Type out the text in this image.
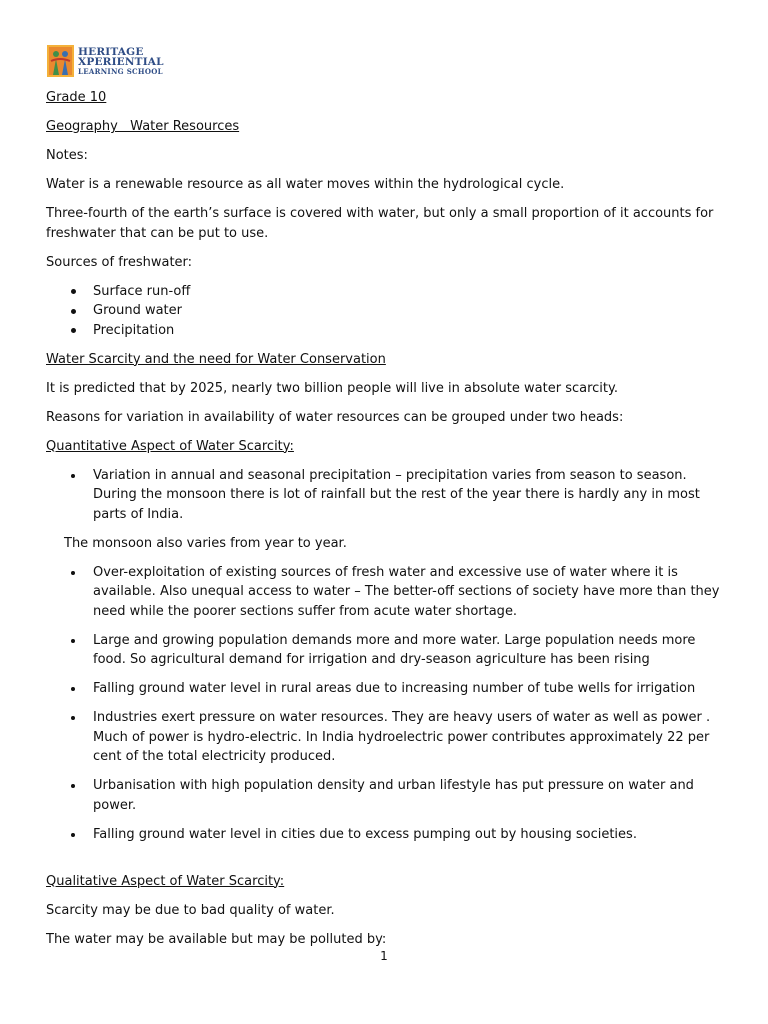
HERITAGE
XPERIENTIAL
LEARNING SCHOOL

Grade 10

Geography   Water Resources

Notes:

Water is a renewable resource as all water moves within the hydrological cycle.

Three-fourth of the earth’s surface is covered with water, but only a small proportion of it accounts for freshwater that can be put to use.

Sources of freshwater:

Surface run-off
Ground water
Precipitation

Water Scarcity and the need for Water Conservation

It is predicted that by 2025, nearly two billion people will live in absolute water scarcity.

Reasons for variation in availability of water resources can be grouped under two heads:

Quantitative Aspect of Water Scarcity:

Variation in annual and seasonal precipitation – precipitation varies from season to season. During the monsoon there is lot of rainfall but the rest of the year there is hardly any in most parts of India.

The monsoon also varies from year to year.

Over-exploitation of existing sources of fresh water and excessive use of water where it is available. Also unequal access to water – The better-off sections of society have more than they need while the poorer sections suffer from acute water shortage.
Large and growing population demands more and more water. Large population needs more food. So agricultural demand for irrigation and dry-season agriculture has been rising
Falling ground water level in rural areas due to increasing number of tube wells for irrigation
Industries exert pressure on water resources. They are heavy users of water as well as power . Much of power is hydro-electric. In India hydroelectric power contributes approximately 22 per cent of the total electricity produced.
Urbanisation with high population density and urban lifestyle has put pressure on water and power.
Falling ground water level in cities due to excess pumping out by housing societies.

Qualitative Aspect of Water Scarcity:

Scarcity may be due to bad quality of water.

The water may be available but may be polluted by:

1
